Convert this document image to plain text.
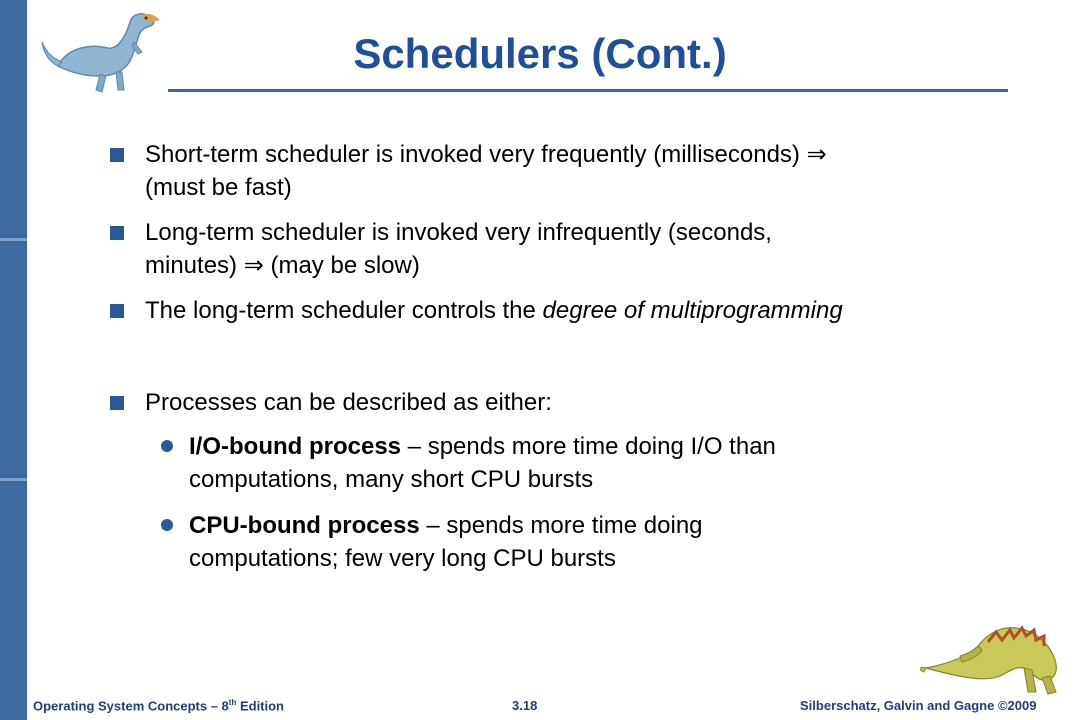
Schedulers (Cont.)
Short-term scheduler is invoked very frequently (milliseconds) ⇒
(must be fast)
Long-term scheduler is invoked very infrequently (seconds,
minutes) ⇒ (may be slow)
The long-term scheduler controls the degree of multiprogramming
Processes can be described as either:
I/O-bound process – spends more time doing I/O than
computations, many short CPU bursts
CPU-bound process – spends more time doing
computations; few very long CPU bursts
Operating System Concepts – 8th Edition	3.18	Silberschatz, Galvin and Gagne ©2009
